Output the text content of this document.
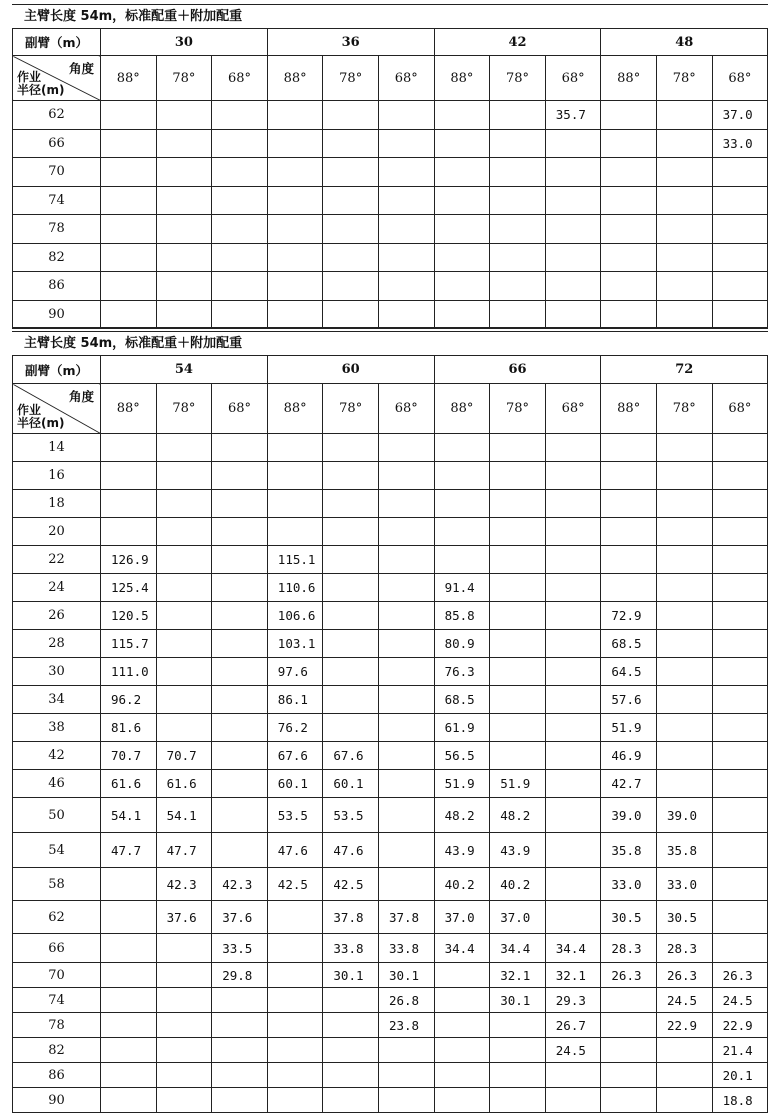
主臂长度 54m，标准配重＋附加配重
副臂（m）	30			36			42			48		

角度
作业
半径(m)	88°	78°	68°	88°	78°	68°	88°	78°	68°	88°	78°	68°
62									35.7			37.0
66												33.0
70												
74												
78												
82												
86												
90												
主臂长度 54m，标准配重＋附加配重
副臂（m）	54			60			66			72		

角度
作业
半径(m)	88°	78°	68°	88°	78°	68°	88°	78°	68°	88°	78°	68°
14												
16												
18												
20												
22	126.9			115.1								
24	125.4			110.6			91.4					
26	120.5			106.6			85.8			72.9		
28	115.7			103.1			80.9			68.5		
30	111.0			97.6			76.3			64.5		
34	96.2			86.1			68.5			57.6		
38	81.6			76.2			61.9			51.9		
42	70.7	70.7		67.6	67.6		56.5			46.9		
46	61.6	61.6		60.1	60.1		51.9	51.9		42.7		
50	54.1	54.1		53.5	53.5		48.2	48.2		39.0	39.0	
54	47.7	47.7		47.6	47.6		43.9	43.9		35.8	35.8	
58		42.3	42.3	42.5	42.5		40.2	40.2		33.0	33.0	
62		37.6	37.6		37.8	37.8	37.0	37.0		30.5	30.5	
66			33.5		33.8	33.8	34.4	34.4	34.4	28.3	28.3	
70			29.8		30.1	30.1		32.1	32.1	26.3	26.3	26.3
74						26.8		30.1	29.3		24.5	24.5
78						23.8			26.7		22.9	22.9
82									24.5			21.4
86												20.1
90												18.8
